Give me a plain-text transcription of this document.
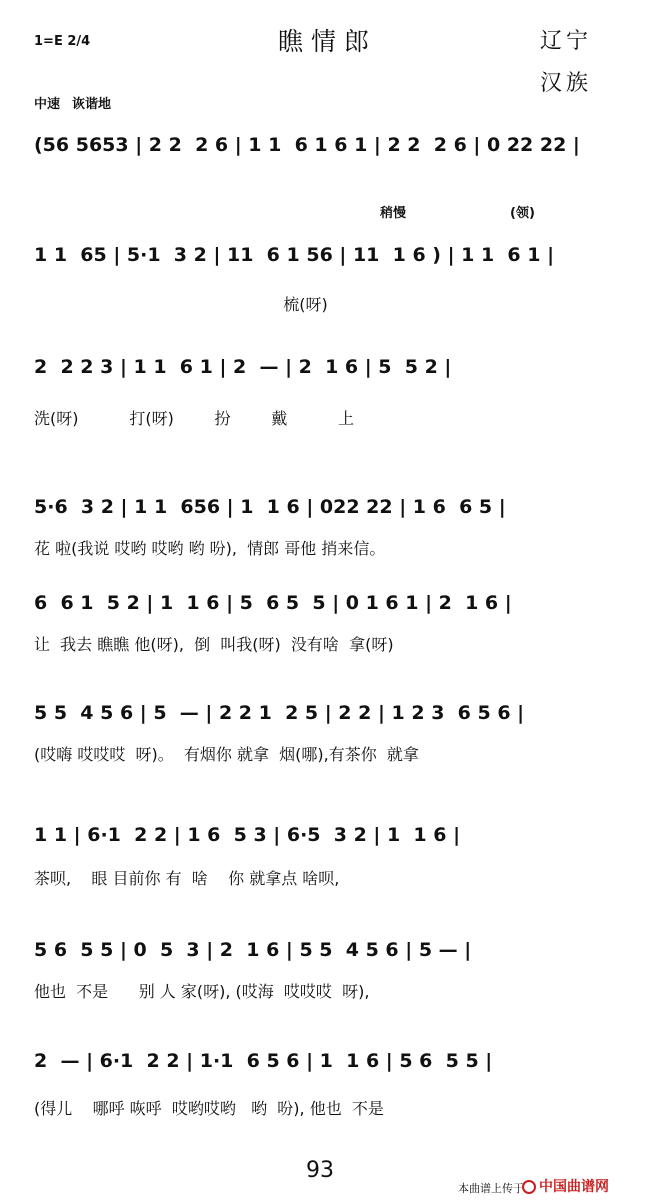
1=E 2/4	瞧情郎	辽宁
汉族
中速 诙谐地
(56 5653 | 2 2  2 6 | 1 1  6 1 6 1 | 2 2  2 6 | 0 22 22 |
稍慢	(领)
1 1  65 | 5·1  3 2 | 11  6 1 56 | 11  1 6 ) | 1 1  6 1 |
梳(呀)
2  2 2 3 | 1 1  6 1 | 2  — | 2  1 6 | 5  5 2 |
洗(呀)          打(呀)        扮        戴          上
5·6  3 2 | 1 1  656 | 1  1 6 | 022 22 | 1 6  6 5 |
花 啦(我说 哎哟 哎哟 哟 吩),  情郎 哥他 捎来信。
6  6 1  5 2 | 1  1 6 | 5  6 5  5 | 0 1 6 1 | 2  1 6 |
让  我去 瞧瞧 他(呀),  倒  叫我(呀)  没有啥  拿(呀)
5 5  4 5 6 | 5  — | 2 2 1  2 5 | 2 2 | 1 2 3  6 5 6 |
(哎嗨 哎哎哎  呀)。  有烟你 就拿  烟(哪),有茶你  就拿
1 1 | 6·1  2 2 | 1 6  5 3 | 6·5  3 2 | 1  1 6 |
茶呗,    眼 目前你 有  啥    你 就拿点 啥呗,
5 6  5 5 | 0  5  3 | 2  1 6 | 5 5  4 5 6 | 5 — |
他也  不是      别 人 家(呀), (哎海  哎哎哎  呀),
2  — | 6·1  2 2 | 1·1  6 5 6 | 1  1 6 | 5 6  5 5 |
(得儿    哪呼 咴呼  哎哟哎哟   哟  吩), 他也  不是
93
本曲谱上传于	中国曲谱网
